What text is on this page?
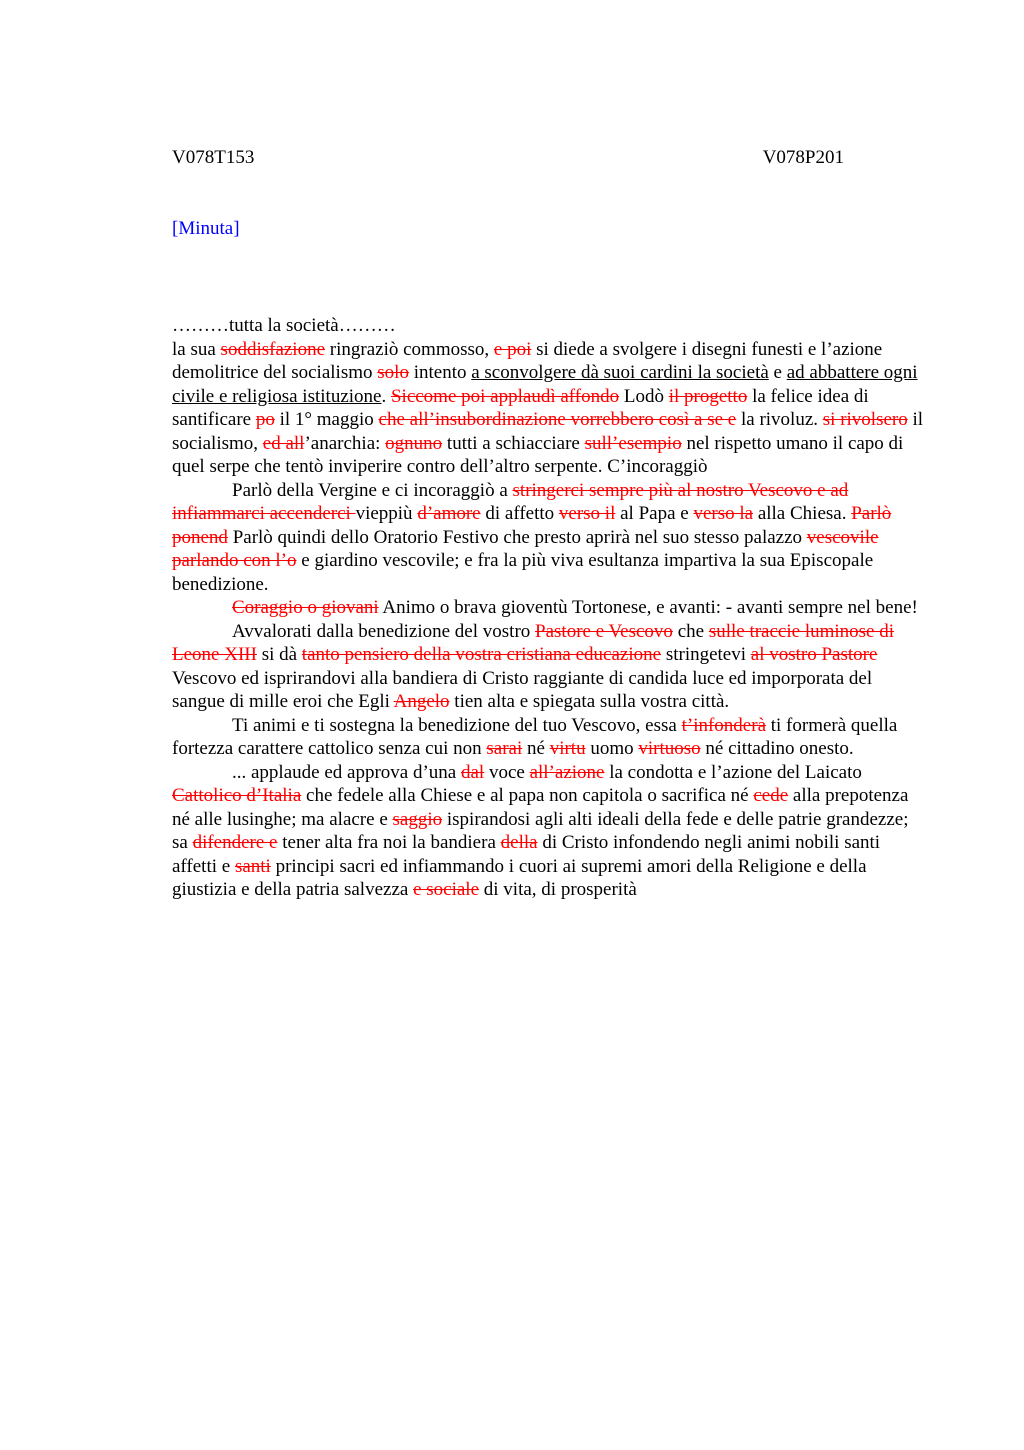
V078T153	V078P201
[Minuta]

………tutta la società………

la sua soddisfazione ringraziò commosso, e poi si diede a svolgere i disegni funesti e l’azione demolitrice del socialismo solo intento a sconvolgere dà suoi cardini la società e ad abbattere ogni civile e religiosa istituzione. Siccome poi applaudì affondo Lodò il progetto la felice idea di santificare po il 1° maggio che all’insubordinazione vorrebbero così a se e la rivoluz. si rivolsero il socialismo, ed all’anarchia: ognuno tutti a schiacciare sull’esempio nel rispetto umano il capo di quel serpe che tentò inviperire contro dell’altro serpente. C’incoraggiò

Parlò della Vergine e ci incoraggiò a stringerci sempre più al nostro Vescovo e ad infiammarci accenderci vieppiù d’amore di affetto verso il al Papa e verso la alla Chiesa. Parlò ponend Parlò quindi dello Oratorio Festivo che presto aprirà nel suo stesso palazzo vescovile parlando con l’o e giardino vescovile; e fra la più viva esultanza impartiva la sua Episcopale benedizione.

Coraggio o giovani Animo o brava gioventù Tortonese, e avanti: - avanti sempre nel bene!

Avvalorati dalla benedizione del vostro Pastore e Vescovo che sulle traccie luminose di Leone XIII si dà tanto pensiero della vostra cristiana educazione stringetevi al vostro Pastore Vescovo ed isprirandovi alla bandiera di Cristo raggiante di candida luce ed imporporata del sangue di mille eroi che Egli Angelo tien alta e spiegata sulla vostra città.

Ti animi e ti sostegna la benedizione del tuo Vescovo, essa t’infonderà ti formerà quella fortezza carattere cattolico senza cui non sarai né virtu uomo virtuoso né cittadino onesto.

... applaude ed approva d’una dal voce all’azione la condotta e l’azione del Laicato Cattolico d’Italia che fedele alla Chiese e al papa non capitola o sacrifica né cede alla prepotenza né alle lusinghe; ma alacre e saggio ispirandosi agli alti ideali della fede e delle patrie grandezze; sa difendere e tener alta fra noi la bandiera della di Cristo infondendo negli animi nobili santi affetti e santi principi sacri ed infiammando i cuori ai supremi amori della Religione e della giustizia e della patria salvezza e sociale di vita, di prosperità
